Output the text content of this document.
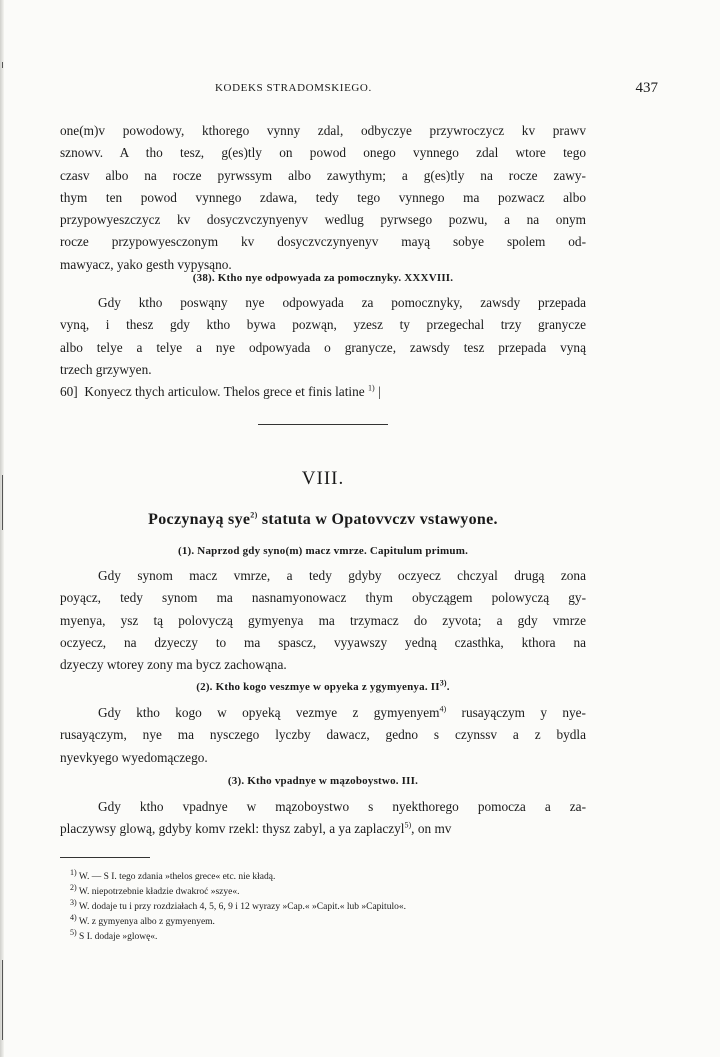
KODEKS STRADOMSKIEGO.	437
one(m)v powodowy, kthorego vynny zdal, odbyczye przywroczycz kv prawv
sznowv. A tho tesz, g(es)tly on powod onego vynnego zdal wtore tego
czasv albo na rocze pyrwssym albo zawythym; a g(es)tly na rocze zawy-
thym ten powod vynnego zdawa, tedy tego vynnego ma pozwacz albo
przypowyeszczycz kv dosyczvczynyenyv wedlug pyrwsego pozwu, a na onym
rocze przypowyesczonym kv dosyczvczynyenyv mayą sobye spolem od-
mawyacz, yako gesth vypysąno.
(38). Ktho nye odpowyada za pomocznyky. XXXVIII.
Gdy ktho poswąny nye odpowyada za pomocznyky, zawsdy przepada
vyną, i thesz gdy ktho bywa pozwąn, yzesz ty przegechal trzy granycze
albo telye a telye a nye odpowyada o granycze, zawsdy tesz przepada vyną
trzech grzywyen.
60] Konyecz thych articulow. Thelos grece et finis latine $^{1)}$ |
VIII.
Poczynayą sye$^{2)}$ statuta w Opatovvczv vstawyone.
(1). Naprzod gdy syno(m) macz vmrze. Capitulum primum.
Gdy synom macz vmrze, a tedy gdyby oczyecz chczyal drugą zona
poyącz, tedy synom ma nasnamyonowacz thym obyczągem polowyczą gy-
myenya, ysz tą polovyczą gymyenya ma trzymacz do zyvota; a gdy vmrze
oczyecz, na dzyeczy to ma spascz, vyyawszy yedną czasthka, kthora na
dzyeczy wtorey zony ma bycz zachowąna.
(2). Ktho kogo veszmye w opyeka z ygymyenya. II$^{3)}$.
Gdy ktho kogo w opyeką vezmye z gymyenyem$^{4)}$ rusayączym y nye-
rusayączym, nye ma nysczego lyczby dawacz, gedno s czynssv a z bydla
nyevkyego wyedomączego.
(3). Ktho vpadnye w mązoboystwo. III.
Gdy ktho vpadnye w mązoboystwo s nyekthorego pomocza a za-
placzywsy glową, gdyby komv rzekl: thysz zabyl, a ya zaplaczyl$^{5)}$, on mv
$^{1)}$ W. — S I. tego zdania »thelos grece« etc. nie kładą.
$^{2)}$ W. niepotrzebnie kładzie dwakroć »szye«.
$^{3)}$ W. dodaje tu i przy rozdziałach 4, 5, 6, 9 i 12 wyrazy »Cap.« »Capit.« lub »Capitulo«.
$^{4)}$ W. z gymyenya albo z gymyenyem.
$^{5)}$ S I. dodaje »glowę«.
